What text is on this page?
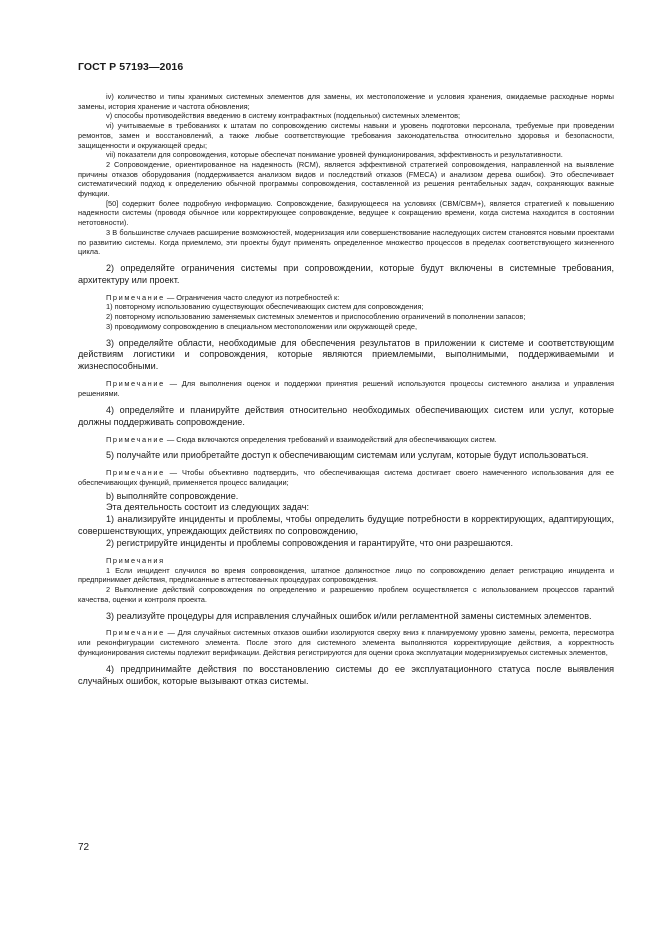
ГОСТ Р 57193—2016

iv) количество и типы хранимых системных элементов для замены, их местоположение и условия хранения, ожидаемые расходные нормы замены, история хранение и частота обновления;

v) способы противодействия введению в систему контрафактных (поддельных) системных элементов;

vi) учитываемые в требованиях к штатам по сопровождению системы навыки и уровень подготовки персонала, требуемые при проведении ремонтов, замен и восстановлений, а также любые соответствующие требования законодательства относительно здоровья и безопасности, защищенности и окружающей среды;

vii) показатели для сопровождения, которые обеспечат понимание уровней функционирования, эффективность и результативности.

2 Сопровождение, ориентированное на надежность (RCM), является эффективной стратегией сопровождения, направленной на выявление причины отказов оборудования (поддерживается анализом видов и последствий отказов (FMECA) и анализом дерева ошибок). Это обеспечивает систематический подход к определению обычной программы сопровождения, составленной из решения рентабельных задач, сохраняющих важные функции.

[50] содержит более подробную информацию. Сопровождение, базирующееся на условиях (CBM/CBM+), является стратегией к повышению надежности системы (проводя обычное или корректирующее сопровождение, ведущее к сокращению времени, когда система находится в состоянии нетотовности).

3 В большинстве случаев расширение возможностей, модернизация или совершенствование наследующих систем становятся новыми проектами по развитию системы. Когда приемлемо, эти проекты будут применять определенное множество процессов в пределах соответствующего жизненного цикла.

2) определяйте ограничения системы при сопровождении, которые будут включены в системные требования, архитектуру или проект.

Примечание — Ограничения часто следуют из потребностей к:

1) повторному использованию существующих обеспечивающих систем для сопровождения;

2) повторному использованию заменяемых системных элементов и приспособлению ограничений в пополнении запасов;

3) проводимому сопровождению в специальном местоположении или окружающей среде,

3) определяйте области, необходимые для обеспечения результатов в приложении к системе и соответствующим действиям логистики и сопровождения, которые являются приемлемыми, выполнимыми, поддерживаемыми и жизнеспособными.

Примечание — Для выполнения оценок и поддержки принятия решений используются процессы системного анализа и управления решениями.

4) определяйте и планируйте действия относительно необходимых обеспечивающих систем или услуг, которые должны поддерживать сопровождение.

Примечание — Сюда включаются определения требований и взаимодействий для обеспечивающих систем.

5) получайте или приобретайте доступ к обеспечивающим системам или услугам, которые будут использоваться.

Примечание — Чтобы объективно подтвердить, что обеспечивающая система достигает своего намеченного использования для ее обеспечивающих функций, применяется процесс валидации;

b) выполняйте сопровождение.

Эта деятельность состоит из следующих задач:

1) анализируйте инциденты и проблемы, чтобы определить будущие потребности в корректирующих, адаптирующих, совершенствующих, упреждающих действиях по сопровождению,

2) регистрируйте инциденты и проблемы сопровождения и гарантируйте, что они разрешаются.

Примечания

1 Если инцидент случился во время сопровождения, штатное должностное лицо по сопровождению делает регистрацию инцидента и предпринимает действия, предписанные в аттестованных процедурах сопровождения.

2 Выполнение действий сопровождения по определению и разрешению проблем осуществляется с использованием процессов гарантий качества, оценки и контроля проекта.

3) реализуйте процедуры для исправления случайных ошибок и/или регламентной замены системных элементов.

Примечание — Для случайных системных отказов ошибки изолируются сверху вниз к планируемому уровню замены, ремонта, пересмотра или реконфигурации системного элемента. После этого для системного элемента выполняются корректирующие действия, а корректность функционирования системы подлежит верификации. Действия регистрируются для оценки срока эксплуатации модернизируемых системных элементов,

4) предпринимайте действия по восстановлению системы до ее эксплуатационного статуса после выявления случайных ошибок, которые вызывают отказ системы.

72
